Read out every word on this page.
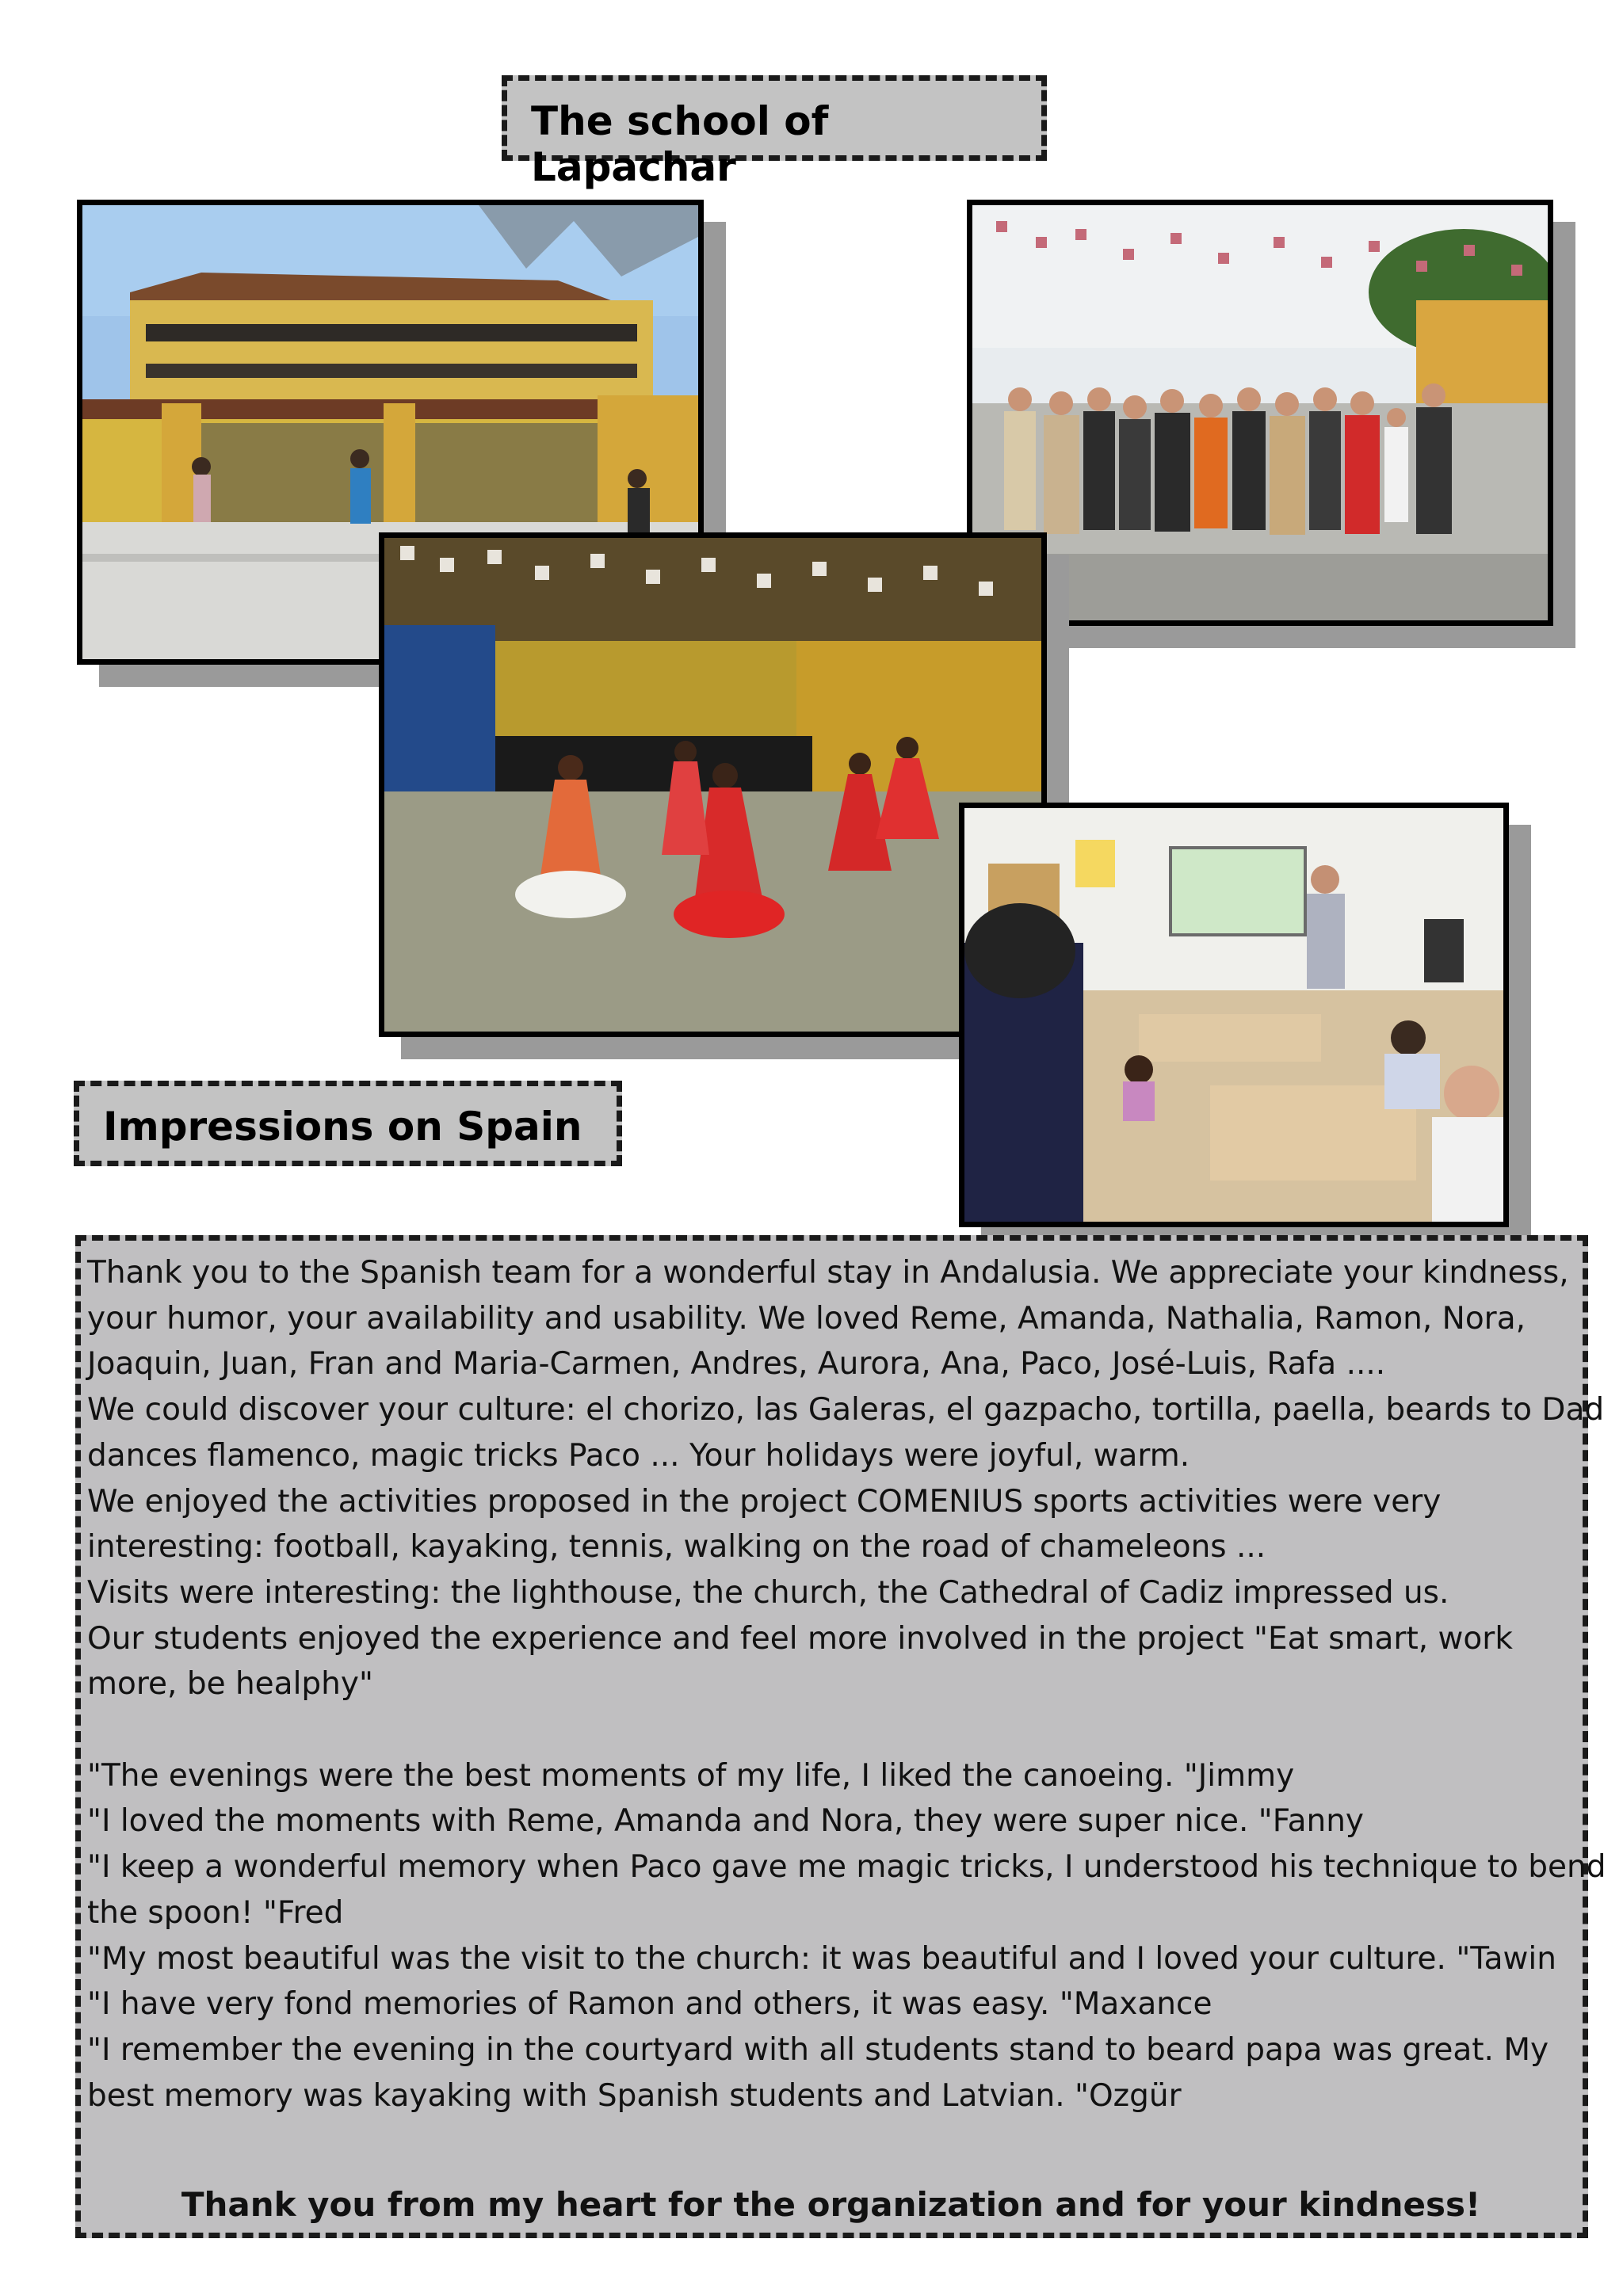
The school of Lapachar
Impressions on Spain

Thank you to the Spanish team for a wonderful stay in Andalusia. We appreciate your kindness,

your humor, your availability and usability. We loved Reme, Amanda, Nathalia, Ramon, Nora,

Joaquin, Juan, Fran and Maria-Carmen, Andres, Aurora, Ana, Paco, José-Luis, Rafa ....

We could discover your culture: el chorizo, las Galeras, el gazpacho, tortilla, paella, beards to Dad

dances flamenco, magic tricks Paco ... Your holidays were joyful, warm.

We enjoyed the activities proposed in the project COMENIUS sports activities were very

interesting: football, kayaking, tennis, walking on the road of chameleons ...

Visits were interesting: the lighthouse, the church, the Cathedral of Cadiz impressed us.

Our students enjoyed the experience and feel more involved in the project "Eat smart, work

more, be healphy"

"The evenings were the best moments of my life, I liked the canoeing. "Jimmy

"I loved the moments with Reme, Amanda and Nora, they were super nice. "Fanny

"I keep a wonderful memory when Paco gave me magic tricks, I understood his technique to bend

the spoon! "Fred

"My most beautiful was the visit to the church: it was beautiful and I loved your culture. "Tawin

"I have very fond memories of Ramon and others, it was easy. "Maxance

"I remember the evening in the courtyard with all students stand to beard papa was great. My

best memory was kayaking with Spanish students and Latvian. "Ozgür

Thank you from my heart for the organization and for your kindness!
